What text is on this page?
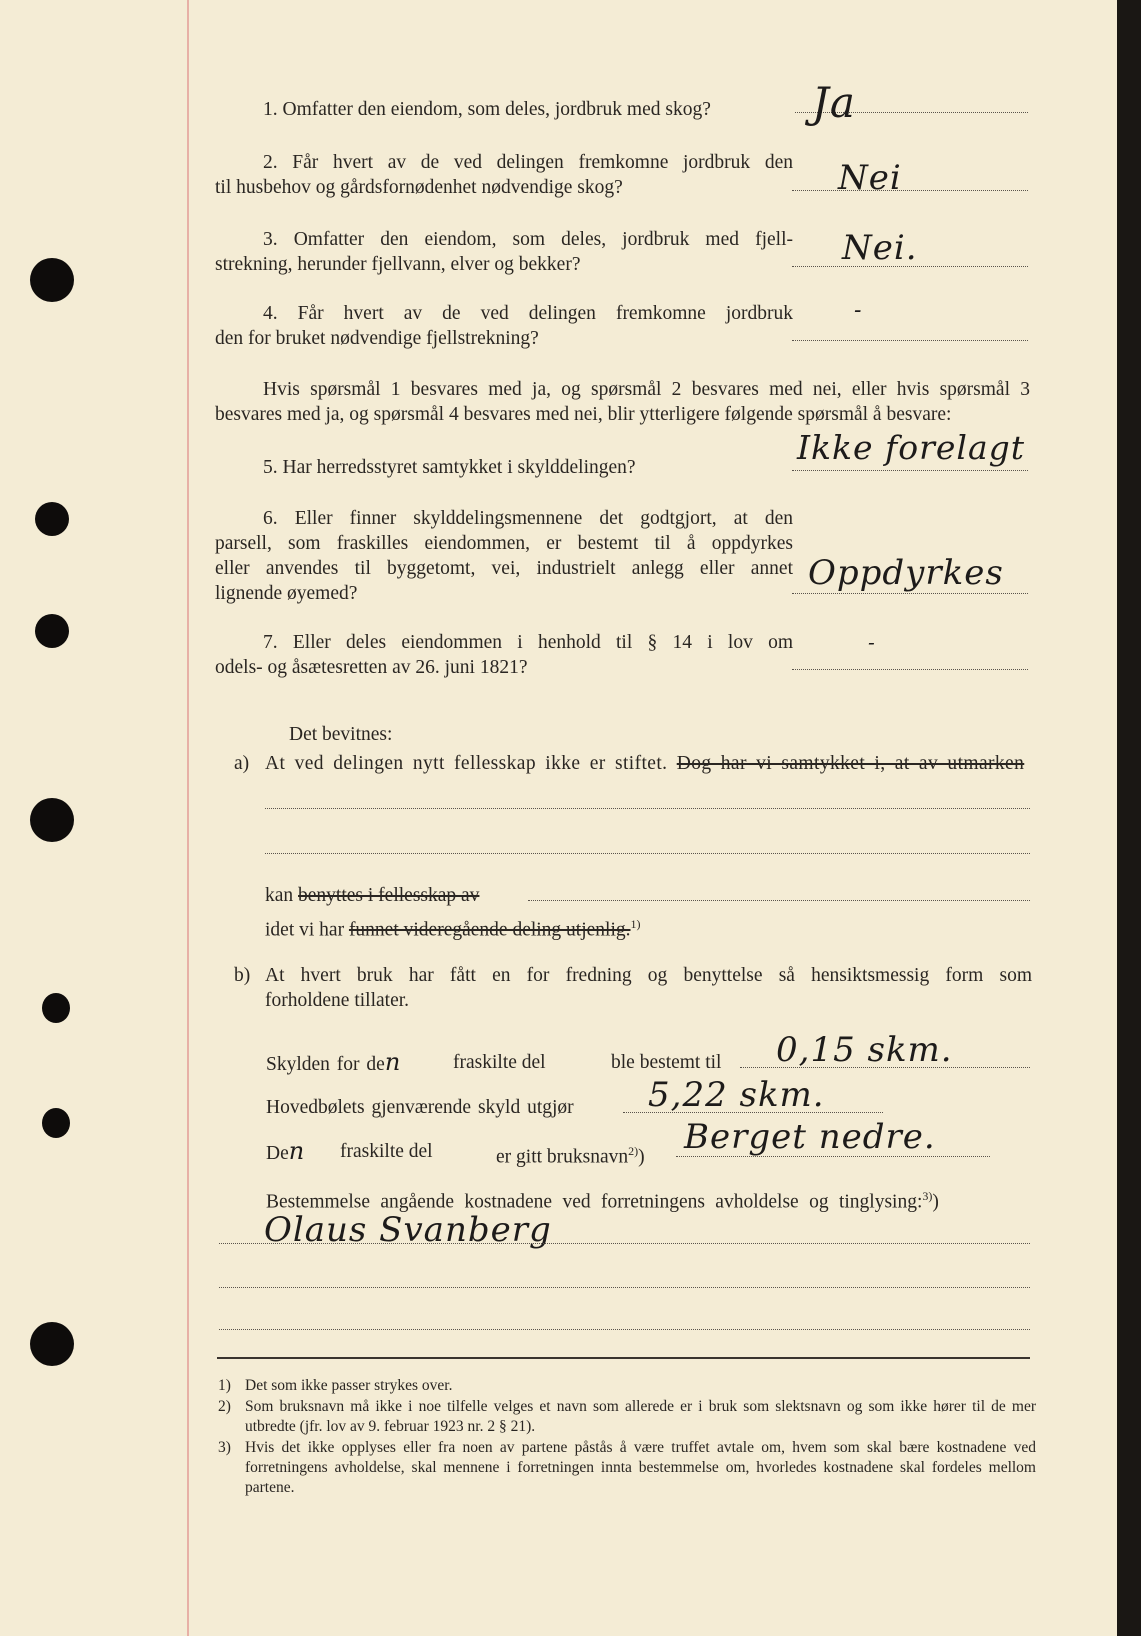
1. Omfatter den eiendom, som deles, jordbruk med skog?	Ja

2. Får hvert av de ved delingen fremkomne jordbruk den

til husbehov og gårdsfornødenhet nødvendige skog?	Nei

3. Omfatter den eiendom, som deles, jordbruk med fjell-

strekning, herunder fjellvann, elver og bekker?	Nei.

4. Får hvert av de ved delingen fremkomne jordbruk

den for bruket nødvendige fjellstrekning?

-

Hvis spørsmål 1 besvares med ja, og spørsmål 2 besvares med nei, eller hvis spørsmål 3

besvares med ja, og spørsmål 4 besvares med nei, blir ytterligere følgende spørsmål å besvare:

5. Har herredsstyret samtykket i skylddelingen?

Ikke forelagt

6. Eller finner skylddelingsmennene det godtgjort, at den

parsell, som fraskilles eiendommen, er bestemt til å oppdyrkes

eller anvendes til byggetomt, vei, industrielt anlegg eller annet

lignende øyemed?

Oppdyrkes

7. Eller deles eiendommen i henhold til § 14 i lov om

odels- og åsætesretten av 26. juni 1821?

-
Det bevitnes:
a) At ved delingen nytt fellesskap ikke er stiftet. Dog har vi samtykket i, at av utmarken
kan benyttes i fellesskap av
idet vi har funnet videregående deling utjenlig.$^{1)}$
b) At hvert bruk har fått en for fredning og benyttelse så hensiktsmessig form som

forholdene tillater.

Skylden for den	fraskilte del	ble bestemt til 0,15 skm.
Hovedbølets gjenværende skyld utgjør 5,22 skm.
Den fraskilte del	er gitt bruksnavn$^{2)}$) Berget nedre.
Bestemmelse angående kostnadene ved forretningens avholdelse og tinglysing:$^{3)}$)
Olaus Svanberg
1) Det som ikke passer strykes over.
2) Som bruksnavn må ikke i noe tilfelle velges et navn som allerede er i bruk som slektsnavn og som ikke hører til de mer utbredte (jfr. lov av 9. februar 1923 nr. 2 § 21).
3) Hvis det ikke opplyses eller fra noen av partene påstås å være truffet avtale om, hvem som skal bære kostnadene ved forretningens avholdelse, skal mennene i forretningen innta bestemmelse om, hvorledes kostnadene skal fordeles mellom partene.
